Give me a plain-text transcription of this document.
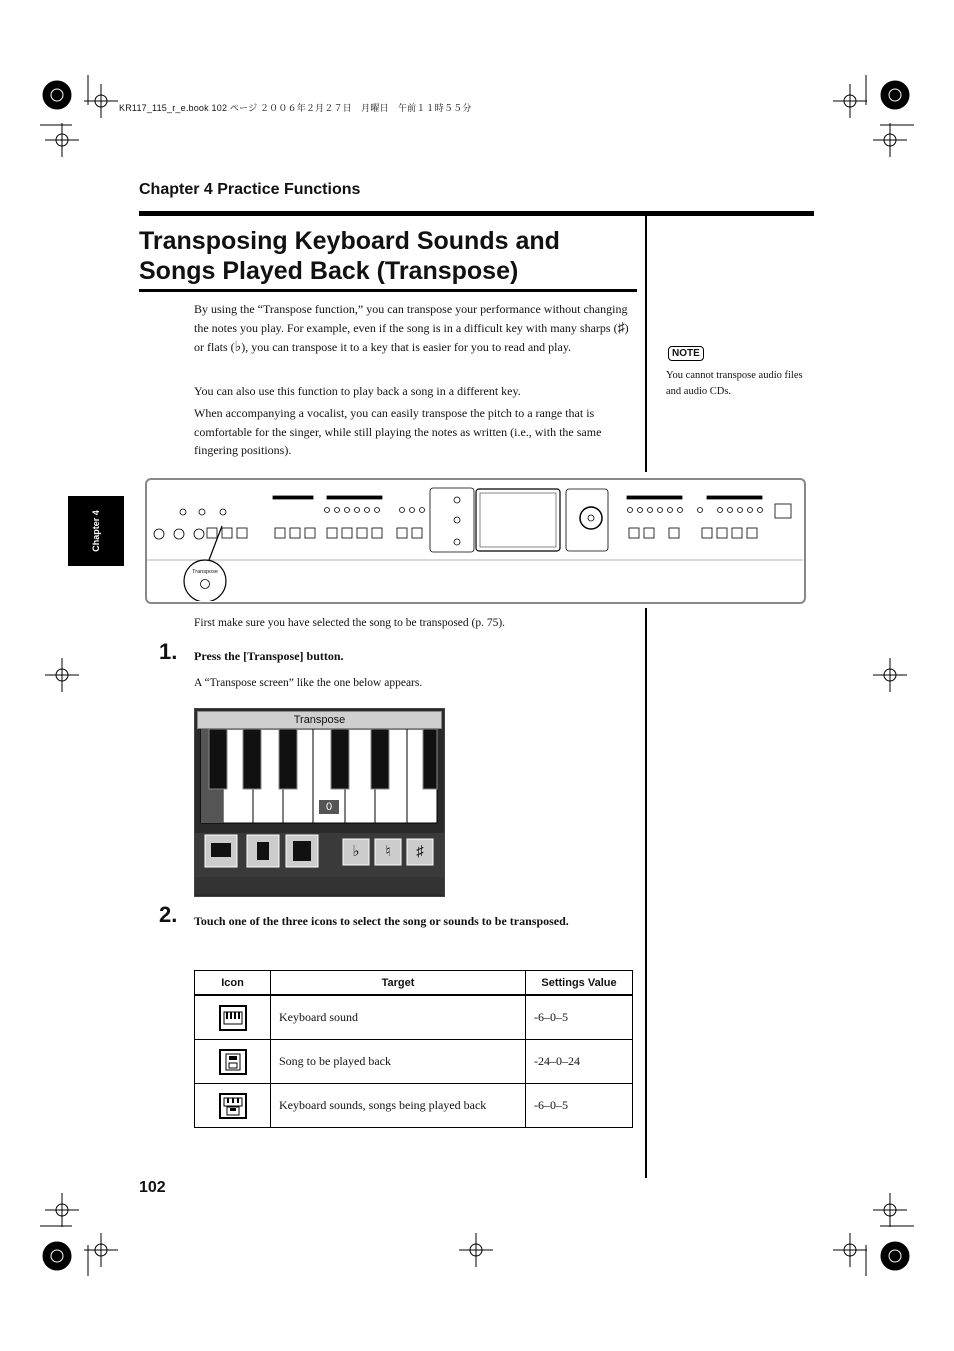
KR117_115_r_e.book 102 ページ ２００６年２月２７日　月曜日　午前１１時５５分
Chapter 4 Practice Functions
Transposing Keyboard Sounds and
Songs Played Back (Transpose)
By using the “Transpose function,” you can transpose your performance without changing the notes you play. For example, even if the song is in a difficult key with many sharps (♯) or flats (♭), you can transpose it to a key that is easier for you to read and play.
You can also use this function to play back a song in a different key.
When accompanying a vocalist, you can easily transpose the pitch to a range that is comfortable for the singer, while still playing the notes as written (i.e., with the same fingering positions).
NOTE
You cannot transpose audio files and audio CDs.
Chapter 4
Transpose
First make sure you have selected the song to be transposed (p. 75).
1. Press the [Transpose] button.
A “Transpose screen” like the one below appears.
Transpose
0
♭	♮	♯
2. Touch one of the three icons to select the song or sounds to be transposed.
Icon	Target	Settings Value

	Keyboard sound	-6–0–5

	Song to be played back	-24–0–24

	Keyboard sounds, songs being played back	-6–0–5
102
